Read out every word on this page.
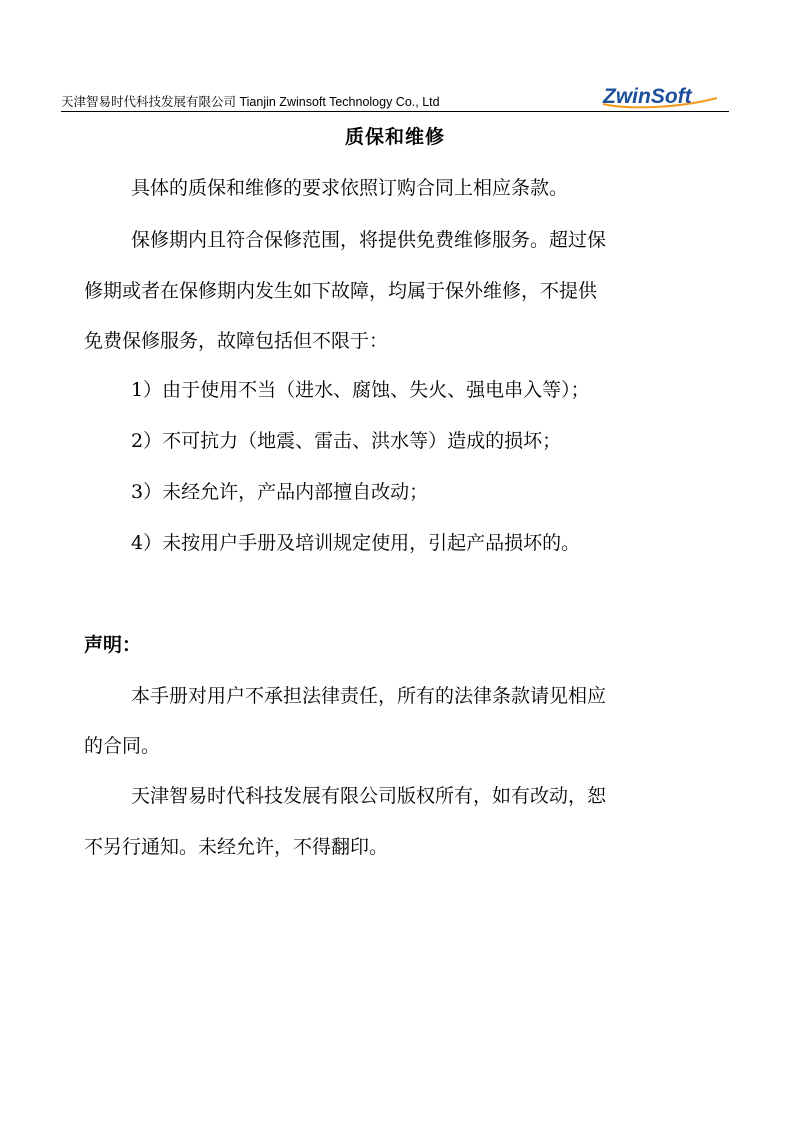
天津智易时代科技发展有限公司 Tianjin Zwinsoft Technology Co., Ltd	ZwinSoft
质保和维修
具体的质保和维修的要求依照订购合同上相应条款。
保修期内且符合保修范围，将提供免费维修服务。超过保
修期或者在保修期内发生如下故障，均属于保外维修，不提供
免费保修服务，故障包括但不限于：
1）由于使用不当（进水、腐蚀、失火、强电串入等）；
2）不可抗力（地震、雷击、洪水等）造成的损坏；
3）未经允许，产品内部擅自改动；
4）未按用户手册及培训规定使用，引起产品损坏的。
声明：
本手册对用户不承担法律责任，所有的法律条款请见相应
的合同。
天津智易时代科技发展有限公司版权所有，如有改动，恕
不另行通知。未经允许，不得翻印。
